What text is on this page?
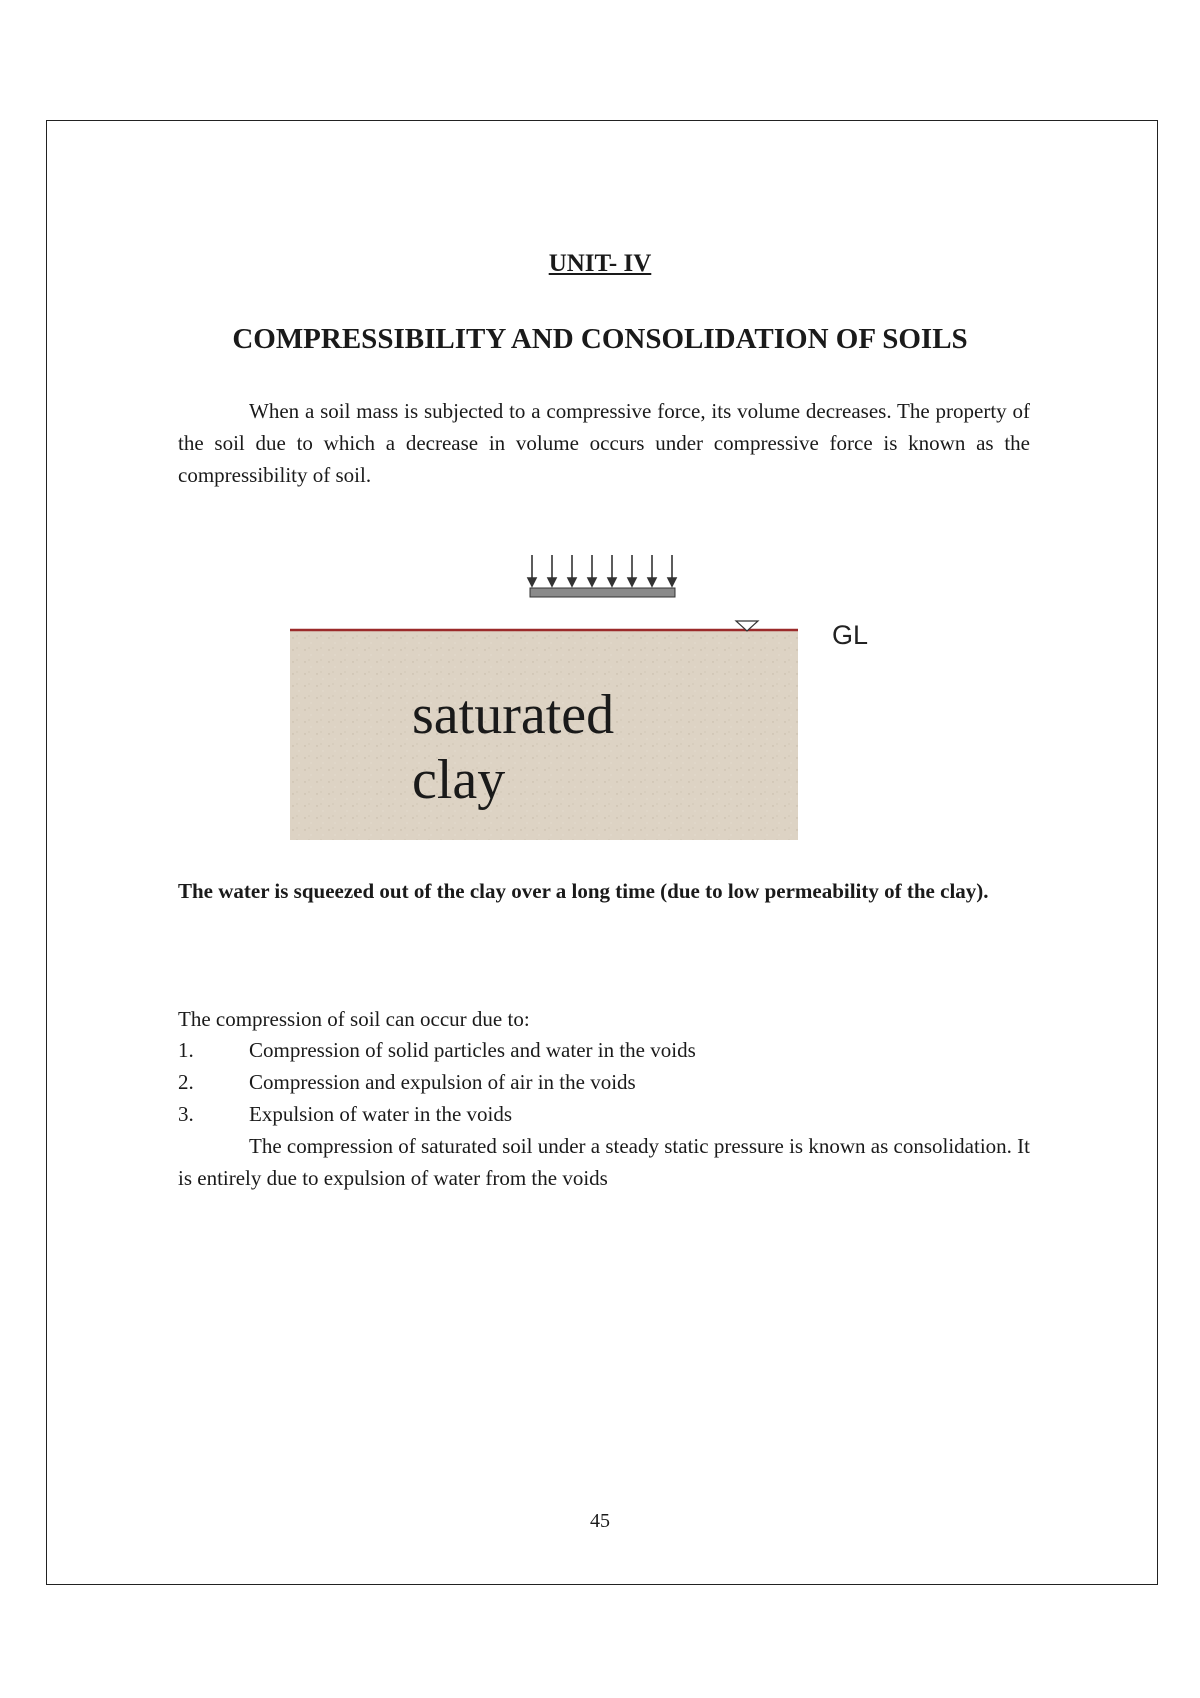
UNIT- IV
COMPRESSIBILITY AND CONSOLIDATION OF SOILS

When a soil mass is subjected to a compressive force, its volume decreases. The property of the soil due to which a decrease in volume occurs under compressive force is known as the compressibility of soil.

GL
saturated
clay

The water is squeezed out of the clay over a long time (due to low permeability of the clay).

The compression of soil can occur due to:

1.	Compression of solid particles and water in the voids
2.	Compression and expulsion of air in the voids
3.	Expulsion of water in the voids

The compression of saturated soil under a steady static pressure is known as consolidation. It is entirely due to expulsion of water from the voids

45
